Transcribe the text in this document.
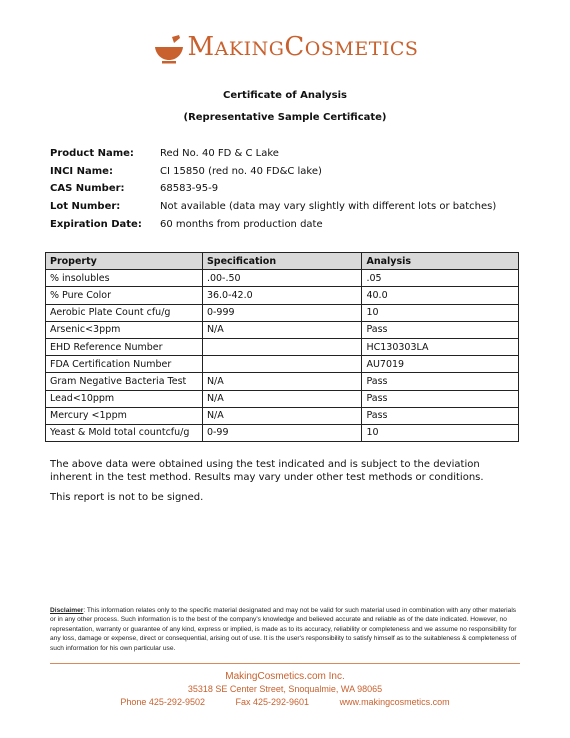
MAKINGCOSMETICS
Certificate of Analysis
(Representative Sample Certificate)
Product Name:	Red No. 40 FD & C Lake
INCI Name:	CI 15850 (red no. 40 FD&C lake)
CAS Number:	68583-95-9
Lot Number:	Not available (data may vary slightly with different lots or batches)
Expiration Date:	60 months from production date
Property	Specification	Analysis
% insolubles	.00-.50	.05
% Pure Color	36.0-42.0	40.0
Aerobic Plate Count cfu/g	0-999	10
Arsenic<3ppm	N/A	Pass
EHD Reference Number		HC130303LA
FDA Certification Number		AU7019
Gram Negative Bacteria Test	N/A	Pass
Lead<10ppm	N/A	Pass
Mercury <1ppm	N/A	Pass
Yeast & Mold total countcfu/g	0-99	10
The above data were obtained using the test indicated and is subject to the deviation inherent in the test method. Results may vary under other test methods or conditions.
This report is not to be signed.
Disclaimer: This information relates only to the specific material designated and may not be valid for such material used in combination with any other materials or in any other process. Such information is to the best of the company's knowledge and believed accurate and reliable as of the date indicated. However, no representation, warranty or guarantee of any kind, express or implied, is made as to its accuracy, reliability or completeness and we assume no responsibility for any loss, damage or expense, direct or consequential, arising out of use. It is the user's responsibility to satisfy himself as to the suitableness & completeness of such information for his own particular use.
MakingCosmetics.com Inc.
35318 SE Center Street, Snoqualmie, WA 98065
Phone 425-292-9502	Fax 425-292-9601	www.makingcosmetics.com
